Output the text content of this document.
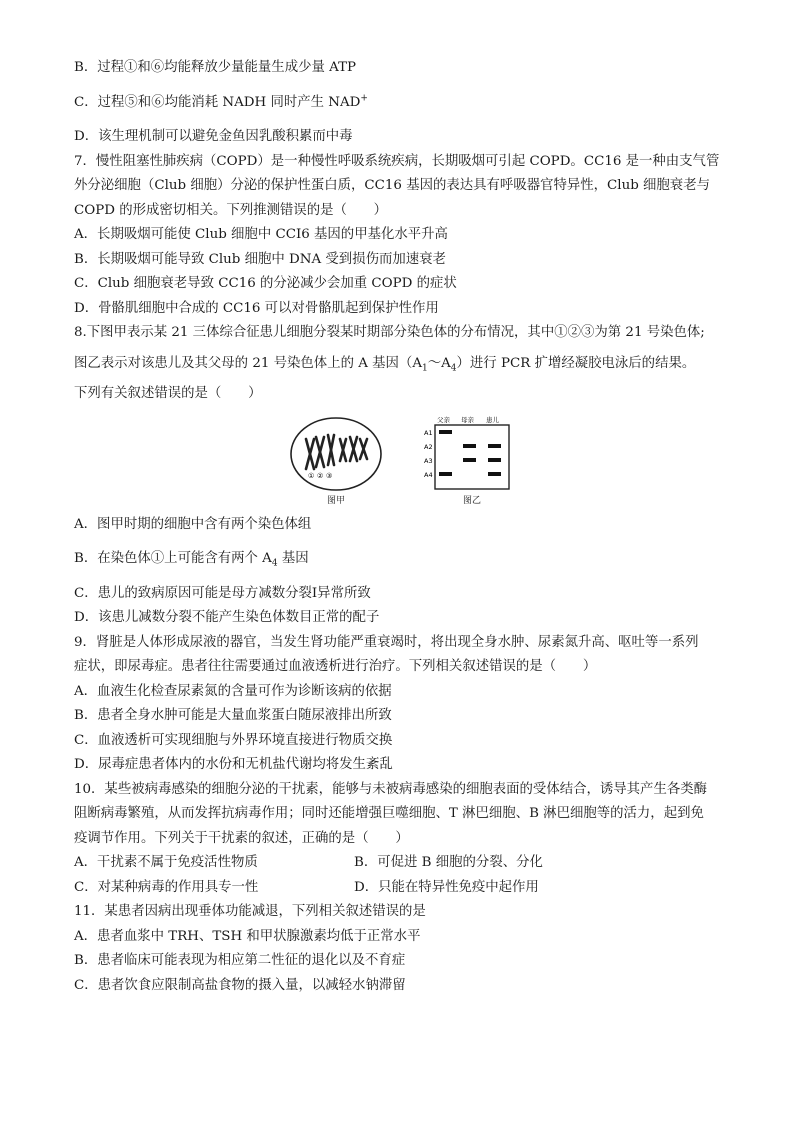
B．过程①和⑥均能释放少量能量生成少量 ATP

C．过程⑤和⑥均能消耗 NADH 同时产生 NAD+

D．该生理机制可以避免金鱼因乳酸积累而中毒

7．慢性阻塞性肺疾病（COPD）是一种慢性呼吸系统疾病，长期吸烟可引起 COPD。CC16 是一种由支气管

外分泌细胞（Club 细胞）分泌的保护性蛋白质，CC16 基因的表达具有呼吸器官特异性，Club 细胞衰老与

COPD 的形成密切相关。下列推测错误的是（　　）

A．长期吸烟可能使 Club 细胞中 CCI6 基因的甲基化水平升高

B．长期吸烟可能导致 Club 细胞中 DNA 受到损伤而加速衰老

C．Club 细胞衰老导致 CC16 的分泌减少会加重 COPD 的症状

D．骨骼肌细胞中合成的 CC16 可以对骨骼肌起到保护性作用

8.下图甲表示某 21 三体综合征患儿细胞分裂某时期部分染色体的分布情况，其中①②③为第 21 号染色体;

图乙表示对该患儿及其父母的 21 号染色体上的 A 基因$(A_1\sim A_4)$进行 PCR 扩增经凝胶电泳后的结果。

下列有关叙述错误的是（　　）

① ② ③
图甲
父亲 母亲 患儿
A1
A2
A3
A4
图乙

A．图甲时期的细胞中含有两个染色体组

B．在染色体①上可能含有两个 $A_4$ 基因

C．患儿的致病原因可能是母方减数分裂Ⅰ异常所致

D．该患儿减数分裂不能产生染色体数目正常的配子

9．肾脏是人体形成尿液的器官，当发生肾功能严重衰竭时，将出现全身水肿、尿素氮升高、呕吐等一系列

症状，即尿毒症。患者往往需要通过血液透析进行治疗。下列相关叙述错误的是（　　）

A．血液生化检查尿素氮的含量可作为诊断该病的依据

B．患者全身水肿可能是大量血浆蛋白随尿液排出所致

C．血液透析可实现细胞与外界环境直接进行物质交换

D．尿毒症患者体内的水份和无机盐代谢均将发生紊乱

10．某些被病毒感染的细胞分泌的干扰素，能够与未被病毒感染的细胞表面的受体结合，诱导其产生各类酶

阻断病毒繁殖，从而发挥抗病毒作用；同时还能增强巨噬细胞、T 淋巴细胞、B 淋巴细胞等的活力，起到免

疫调节作用。下列关于干扰素的叙述，正确的是（　　）

A．干扰素不属于免疫活性物质	B．可促进 B 细胞的分裂、分化
C．对某种病毒的作用具专一性	D．只能在特异性免疫中起作用

11．某患者因病出现垂体功能减退，下列相关叙述错误的是

A．患者血浆中 TRH、TSH 和甲状腺激素均低于正常水平

B．患者临床可能表现为相应第二性征的退化以及不育症

C．患者饮食应限制高盐食物的摄入量，以减轻水钠滞留
